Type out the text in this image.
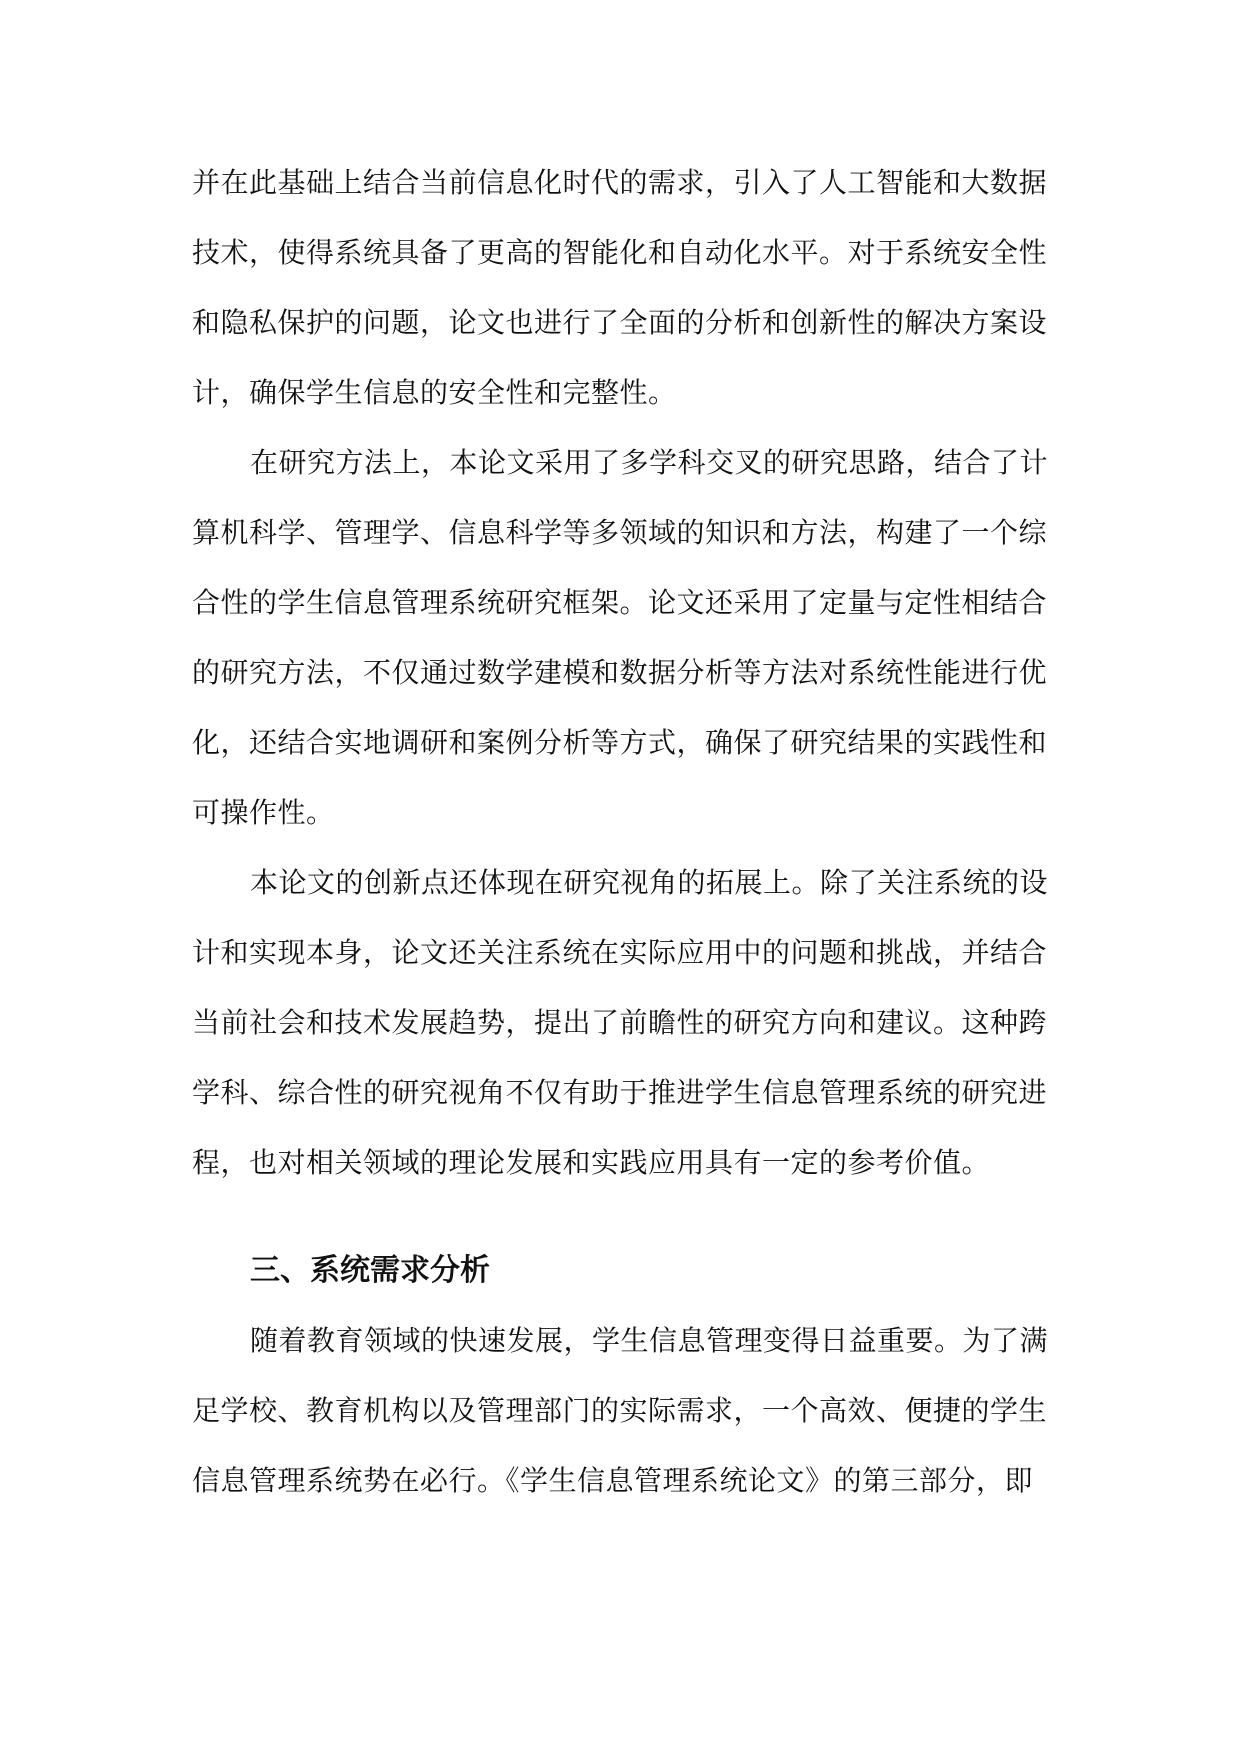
并在此基础上结合当前信息化时代的需求，引入了人工智能和大数据
技术，使得系统具备了更高的智能化和自动化水平。对于系统安全性
和隐私保护的问题，论文也进行了全面的分析和创新性的解决方案设
计，确保学生信息的安全性和完整性。

在研究方法上，本论文采用了多学科交叉的研究思路，结合了计
算机科学、管理学、信息科学等多领域的知识和方法，构建了一个综
合性的学生信息管理系统研究框架。论文还采用了定量与定性相结合
的研究方法，不仅通过数学建模和数据分析等方法对系统性能进行优
化，还结合实地调研和案例分析等方式，确保了研究结果的实践性和
可操作性。

本论文的创新点还体现在研究视角的拓展上。除了关注系统的设
计和实现本身，论文还关注系统在实际应用中的问题和挑战，并结合
当前社会和技术发展趋势，提出了前瞻性的研究方向和建议。这种跨
学科、综合性的研究视角不仅有助于推进学生信息管理系统的研究进
程，也对相关领域的理论发展和实践应用具有一定的参考价值。

三、系统需求分析

随着教育领域的快速发展，学生信息管理变得日益重要。为了满
足学校、教育机构以及管理部门的实际需求，一个高效、便捷的学生
信息管理系统势在必行。《学生信息管理系统论文》的第三部分，即
